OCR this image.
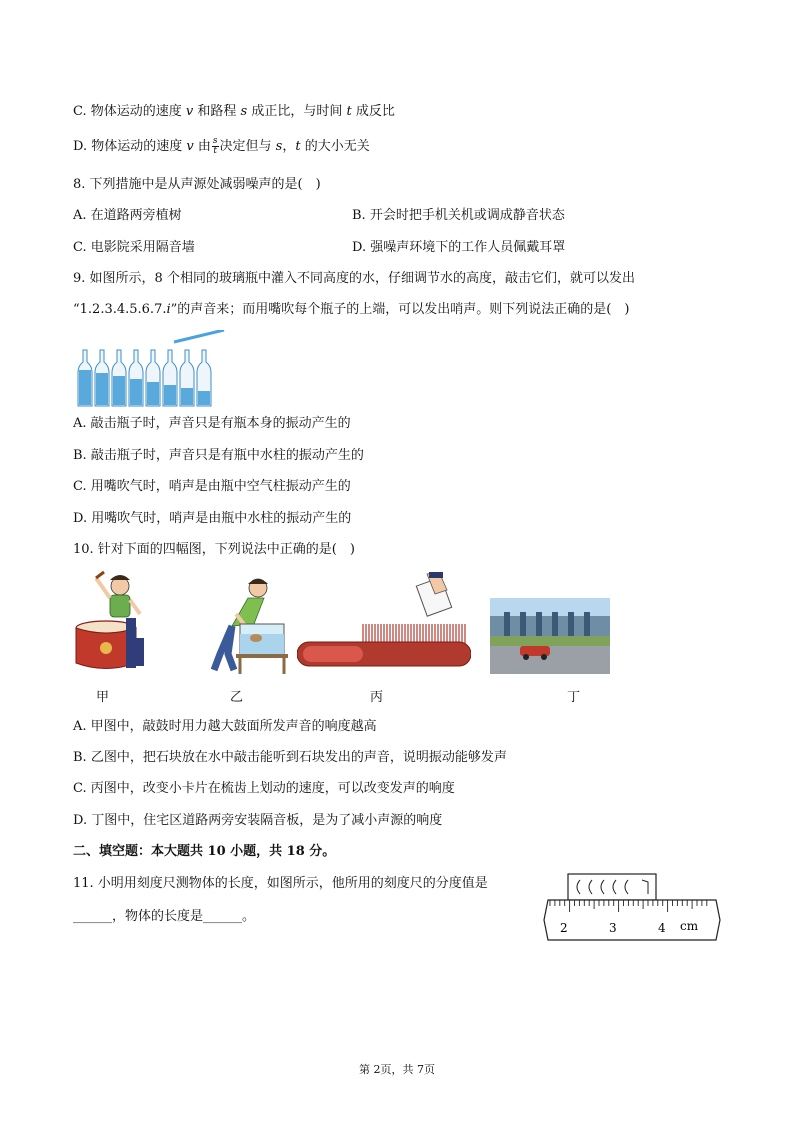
C. 物体运动的速度 v 和路程 s 成正比，与时间 t 成反比
D. 物体运动的速度 v 由 $\frac{s}{t}$ 决定但与 s，t 的大小无关
8. 下列措施中是从声源处减弱噪声的是(　)
A. 在道路两旁植树	B. 开会时把手机关机或调成静音状态
C. 电影院采用隔音墙	D. 强噪声环境下的工作人员佩戴耳罩
9. 如图所示，8 个相同的玻璃瓶中灌入不同高度的水，仔细调节水的高度，敲击它们，就可以发出
“1.2.3.4.5.6.7.i”的声音来；而用嘴吹每个瓶子的上端，可以发出哨声。则下列说法正确的是(　)
A. 敲击瓶子时，声音只是有瓶本身的振动产生的
B. 敲击瓶子时，声音只是有瓶中水柱的振动产生的
C. 用嘴吹气时，哨声是由瓶中空气柱振动产生的
D. 用嘴吹气时，哨声是由瓶中水柱的振动产生的
10. 针对下面的四幅图，下列说法中正确的是(　)
甲	乙	丙	丁
A. 甲图中，敲鼓时用力越大鼓面所发声音的响度越高
B. 乙图中，把石块放在水中敲击能听到石块发出的声音，说明振动能够发声
C. 丙图中，改变小卡片在梳齿上划动的速度，可以改变发声的响度
D. 丁图中，住宅区道路两旁安装隔音板，是为了减小声源的响度
二、填空题：本大题共 10 小题，共 18 分。
11. 小明用刻度尺测物体的长度，如图所示，他所用的刻度尺的分度值是
______，物体的长度是______。
2	3	4 cm
第 2页，共 7页
